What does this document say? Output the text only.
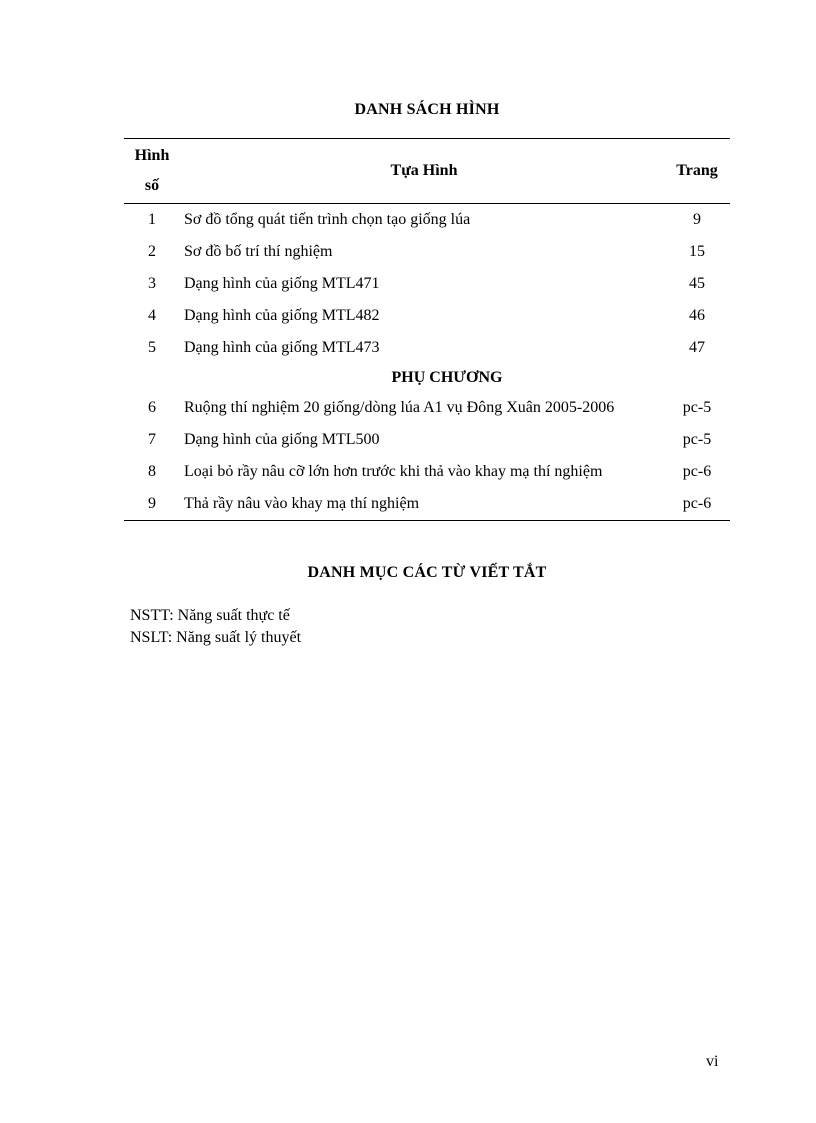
DANH SÁCH HÌNH
Hình
số	Tựa Hình	Trang
1	Sơ đồ tổng quát tiến trình chọn tạo giống lúa	9
2	Sơ đồ bố trí thí nghiệm	15
3	Dạng hình của giống MTL471	45
4	Dạng hình của giống MTL482	46
5	Dạng hình của giống MTL473	47
PHỤ CHƯƠNG		
6	Ruộng thí nghiệm 20 giống/dòng lúa A1 vụ Đông Xuân 2005-2006	pc-5
7	Dạng hình của giống MTL500	pc-5
8	Loại bỏ rầy nâu cỡ lớn hơn trước khi thả vào khay mạ thí nghiệm	pc-6
9	Thả rầy nâu vào khay mạ thí nghiệm	pc-6
DANH MỤC CÁC TỪ VIẾT TẮT
NSTT: Năng suất thực tế
NSLT: Năng suất lý thuyết
vi
